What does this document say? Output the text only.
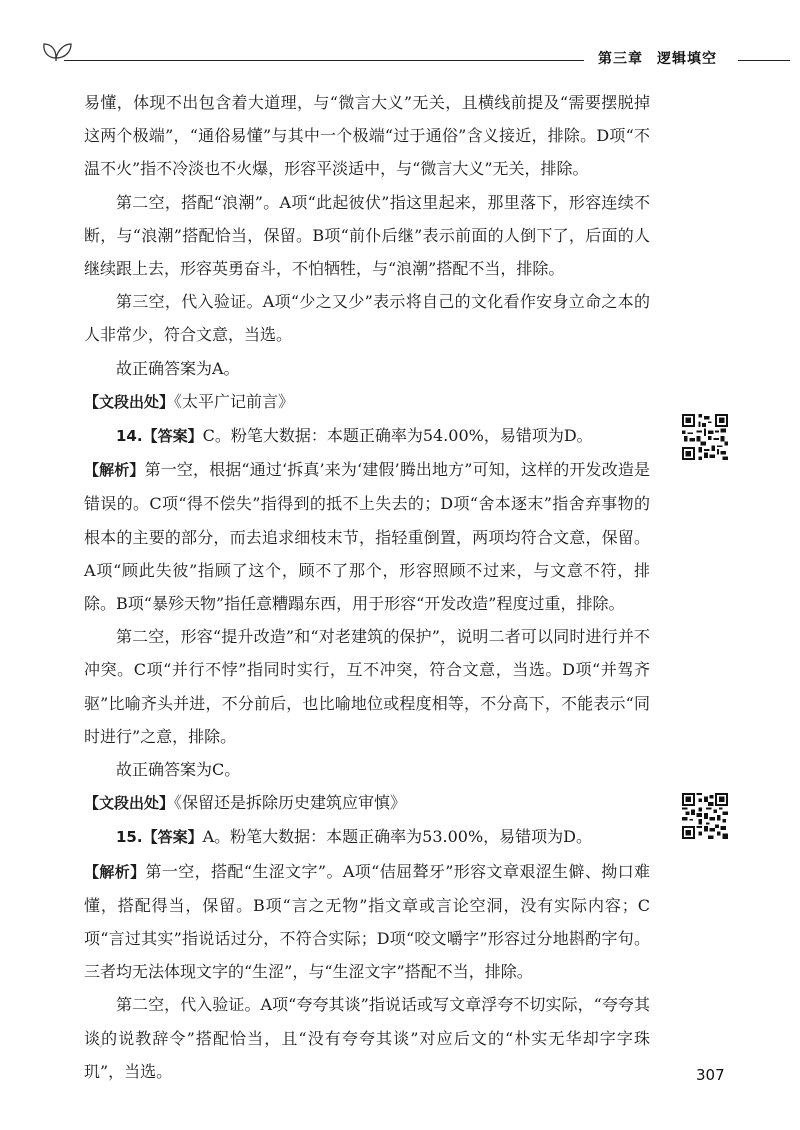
第三章 逻辑填空

易懂，体现不出包含着大道理，与“微言大义”无关，且横线前提及“需要摆脱掉这两个极端”，“通俗易懂”与其中一个极端“过于通俗”含义接近，排除。D项“不温不火”指不冷淡也不火爆，形容平淡适中，与“微言大义”无关，排除。

第二空，搭配“浪潮”。A项“此起彼伏”指这里起来，那里落下，形容连续不断，与“浪潮”搭配恰当，保留。B项“前仆后继”表示前面的人倒下了，后面的人继续跟上去，形容英勇奋斗，不怕牺牲，与“浪潮”搭配不当，排除。

第三空，代入验证。A项“少之又少”表示将自己的文化看作安身立命之本的人非常少，符合文意，当选。

故正确答案为A。

【文段出处】《太平广记前言》

14.【答案】C。粉笔大数据：本题正确率为54.00%，易错项为D。

【解析】第一空，根据“通过‘拆真’来为‘建假’腾出地方”可知，这样的开发改造是错误的。C项“得不偿失”指得到的抵不上失去的；D项“舍本逐末”指舍弃事物的根本的主要的部分，而去追求细枝末节，指轻重倒置，两项均符合文意，保留。A项“顾此失彼”指顾了这个，顾不了那个，形容照顾不过来，与文意不符，排除。B项“暴殄天物”指任意糟蹋东西，用于形容“开发改造”程度过重，排除。

第二空，形容“提升改造”和“对老建筑的保护”，说明二者可以同时进行并不冲突。C项“并行不悖”指同时实行，互不冲突，符合文意，当选。D项“并驾齐驱”比喻齐头并进，不分前后，也比喻地位或程度相等，不分高下，不能表示“同时进行”之意，排除。

故正确答案为C。

【文段出处】《保留还是拆除历史建筑应审慎》

15.【答案】A。粉笔大数据：本题正确率为53.00%，易错项为D。

【解析】第一空，搭配“生涩文字”。A项“佶屈聱牙”形容文章艰涩生僻、拗口难懂，搭配得当，保留。B项“言之无物”指文章或言论空洞，没有实际内容；C项“言过其实”指说话过分，不符合实际；D项“咬文嚼字”形容过分地斟酌字句。三者均无法体现文字的“生涩”，与“生涩文字”搭配不当，排除。

第二空，代入验证。A项“夸夸其谈”指说话或写文章浮夸不切实际，“夸夸其谈的说教辞令”搭配恰当，且“没有夸夸其谈”对应后文的“朴实无华却字字珠玑”，当选。

ˇ
307
